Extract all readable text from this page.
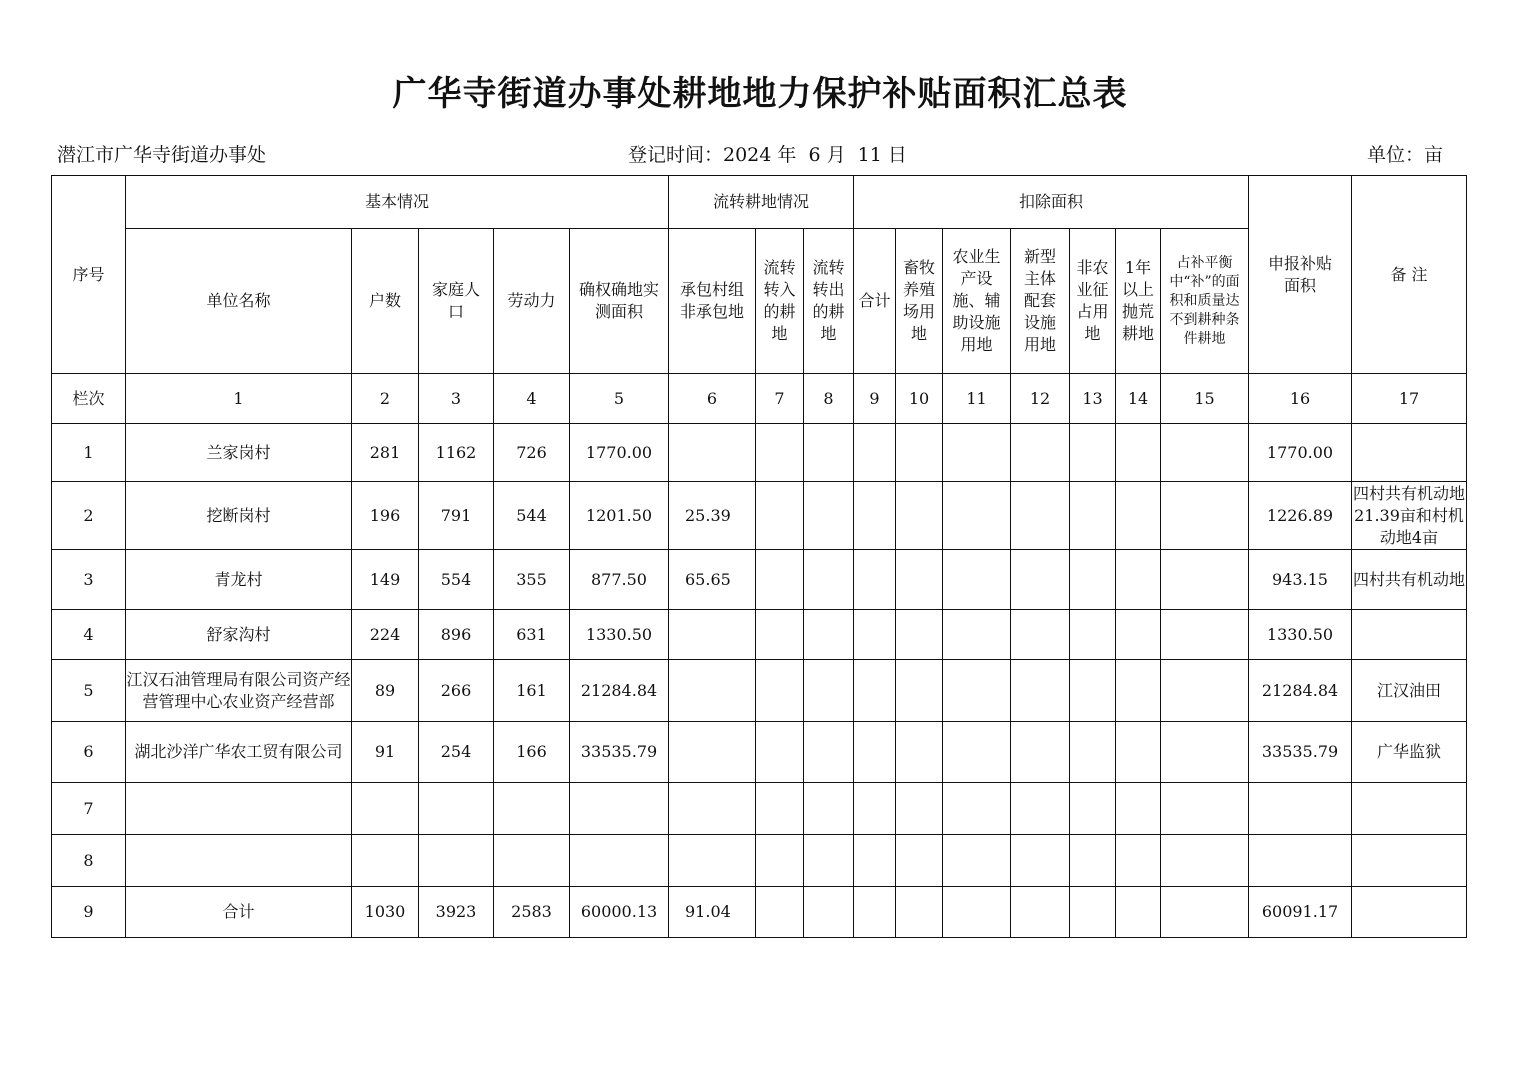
广华寺街道办事处耕地地力保护补贴面积汇总表
潜江市广华寺街道办事处	登记时间：2024 年  6 月  11 日	单位：亩
序号	基本情况					流转耕地情况			扣除面积							申报补贴面积	备 注
	单位名称	户数	家庭人口	劳动力	确权确地实测面积	承包村组非承包地	流转转入的耕地	流转转出的耕地	合计	畜牧养殖场用地	农业生产设施、辅助设施用地	新型主体配套设施用地	非农业征占用地	1年以上抛荒耕地	占补平衡中“补”的面积和质量达不到耕种条件耕地		
栏次	1	2	3	4	5	6	7	8	9	10	11	12	13	14	15	16	17
1	兰家岗村	281	1162	726	1770.00											1770.00	
2	挖断岗村	196	791	544	1201.50	25.39										1226.89	四村共有机动地21.39亩和村机动地4亩
3	青龙村	149	554	355	877.50	65.65										943.15	四村共有机动地
4	舒家沟村	224	896	631	1330.50											1330.50	
5	江汉石油管理局有限公司资产经营管理中心农业资产经营部	89	266	161	21284.84											21284.84	江汉油田
6	湖北沙洋广华农工贸有限公司	91	254	166	33535.79											33535.79	广华监狱
7																	
8																	
9	合计	1030	3923	2583	60000.13	91.04										60091.17	
